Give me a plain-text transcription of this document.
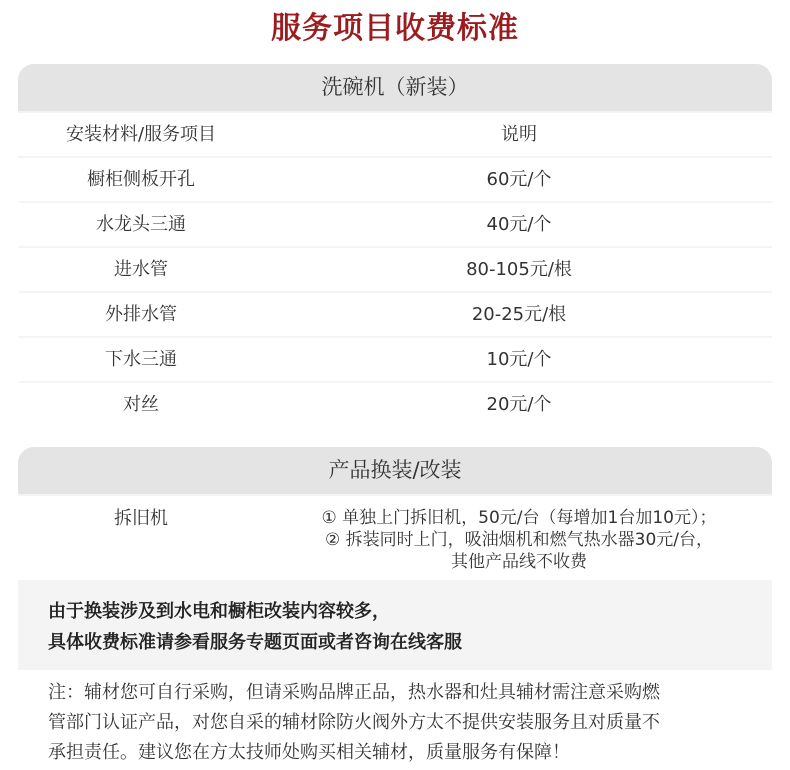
服务项目收费标准
洗碗机（新装）
安装材料/服务项目	说明
橱柜侧板开孔	60元/个
水龙头三通	40元/个
进水管	80-105元/根
外排水管	20-25元/根
下水三通	10元/个
对丝	20元/个
产品换装/改装
拆旧机	① 单独上门拆旧机，50元/台（每增加1台加10元）；
② 拆装同时上门，吸油烟机和燃气热水器30元/台，
其他产品线不收费
由于换装涉及到水电和橱柜改装内容较多，
具体收费标准请参看服务专题页面或者咨询在线客服
注：辅材您可自行采购，但请采购品牌正品，热水器和灶具辅材需注意采购燃
管部门认证产品，对您自采的辅材除防火阀外方太不提供安装服务且对质量不
承担责任。建议您在方太技师处购买相关辅材，质量服务有保障！
